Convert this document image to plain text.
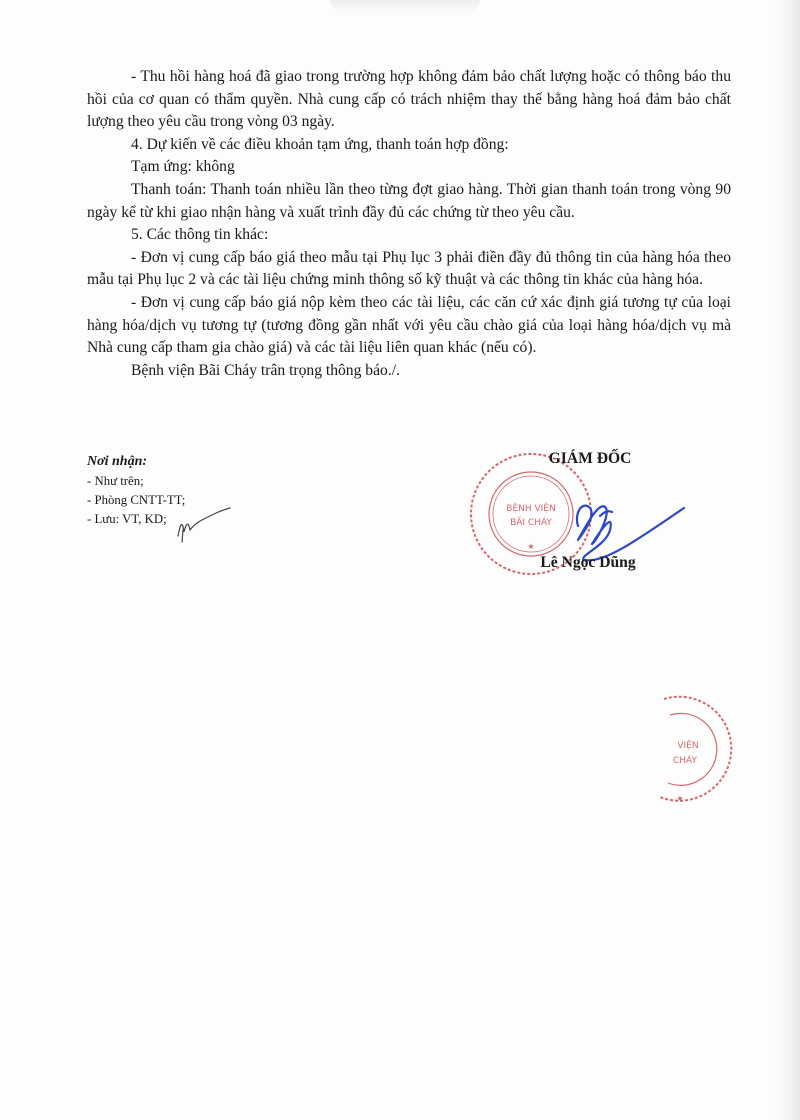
- Thu hồi hàng hoá đã giao trong trường hợp không đảm bảo chất lượng hoặc có thông báo thu hồi của cơ quan có thẩm quyền. Nhà cung cấp có trách nhiệm thay thế bằng hàng hoá đảm bảo chất lượng theo yêu cầu trong vòng 03 ngày.

4. Dự kiến về các điều khoản tạm ứng, thanh toán hợp đồng:

Tạm ứng: không

Thanh toán: Thanh toán nhiều lần theo từng đợt giao hàng. Thời gian thanh toán trong vòng 90 ngày kể từ khi giao nhận hàng và xuất trình đầy đủ các chứng từ theo yêu cầu.

5. Các thông tin khác:

- Đơn vị cung cấp báo giá theo mẫu tại Phụ lục 3 phải điền đầy đủ thông tin của hàng hóa theo mẫu tại Phụ lục 2 và các tài liệu chứng minh thông số kỹ thuật và các thông tin khác của hàng hóa.

- Đơn vị cung cấp báo giá nộp kèm theo các tài liệu, các căn cứ xác định giá tương tự của loại hàng hóa/dịch vụ tương tự (tương đồng gần nhất với yêu cầu chào giá của loại hàng hóa/dịch vụ mà Nhà cung cấp tham gia chào giá) và các tài liệu liên quan khác (nếu có).

Bệnh viện Bãi Cháy trân trọng thông báo./.

Nơi nhận:
- Như trên;
- Phòng CNTT-TT;
- Lưu: VT, KD;
BỆNH VIỆN
BÃI CHÁY
★
GIÁM ĐỐC
Lê Ngọc Dũng
VIỆN
CHÁY
★
